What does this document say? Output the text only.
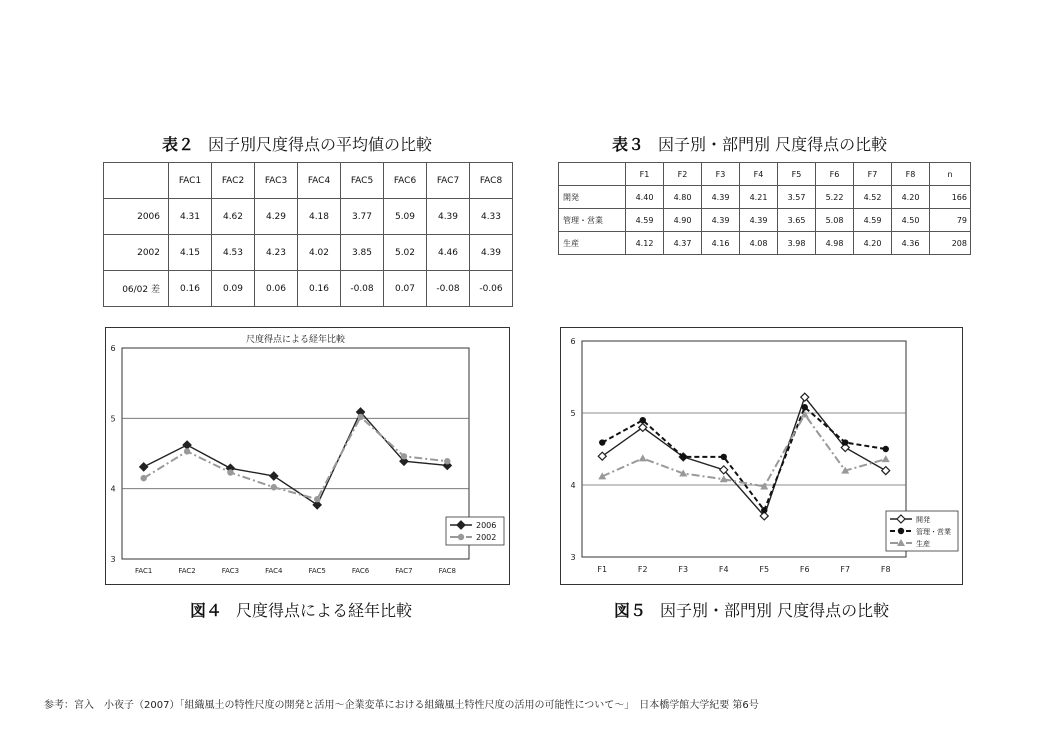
表２ 因子別尺度得点の平均値の比較
	FAC1	FAC2	FAC3	FAC4	FAC5	FAC6	FAC7	FAC8
2006	4.31	4.62	4.29	4.18	3.77	5.09	4.39	4.33
2002	4.15	4.53	4.23	4.02	3.85	5.02	4.46	4.39
06/02 差	0.16	0.09	0.06	0.16	-0.08	0.07	-0.08	-0.06
表３ 因子別・部門別 尺度得点の比較
	F1	F2	F3	F4	F5	F6	F7	F8	n
開発	4.40	4.80	4.39	4.21	3.57	5.22	4.52	4.20	166
管理・営業	4.59	4.90	4.39	4.39	3.65	5.08	4.59	4.50	79
生産	4.12	4.37	4.16	4.08	3.98	4.98	4.20	4.36	208
3
4
5
6
FAC1	FAC2	FAC3	FAC4	FAC5	FAC6	FAC7	FAC8
尺度得点による経年比較
2006
2002
図４ 尺度得点による経年比較
3
4
5
6
F1	F2	F3	F4	F5	F6	F7	F8
開発
管理・営業
生産
図５ 因子別・部門別 尺度得点の比較
参考：宮入　小夜子（2007）「組織風土の特性尺度の開発と活用～企業変革における組織風土特性尺度の活用の可能性について～」　日本橋学館大学紀要 第6号
